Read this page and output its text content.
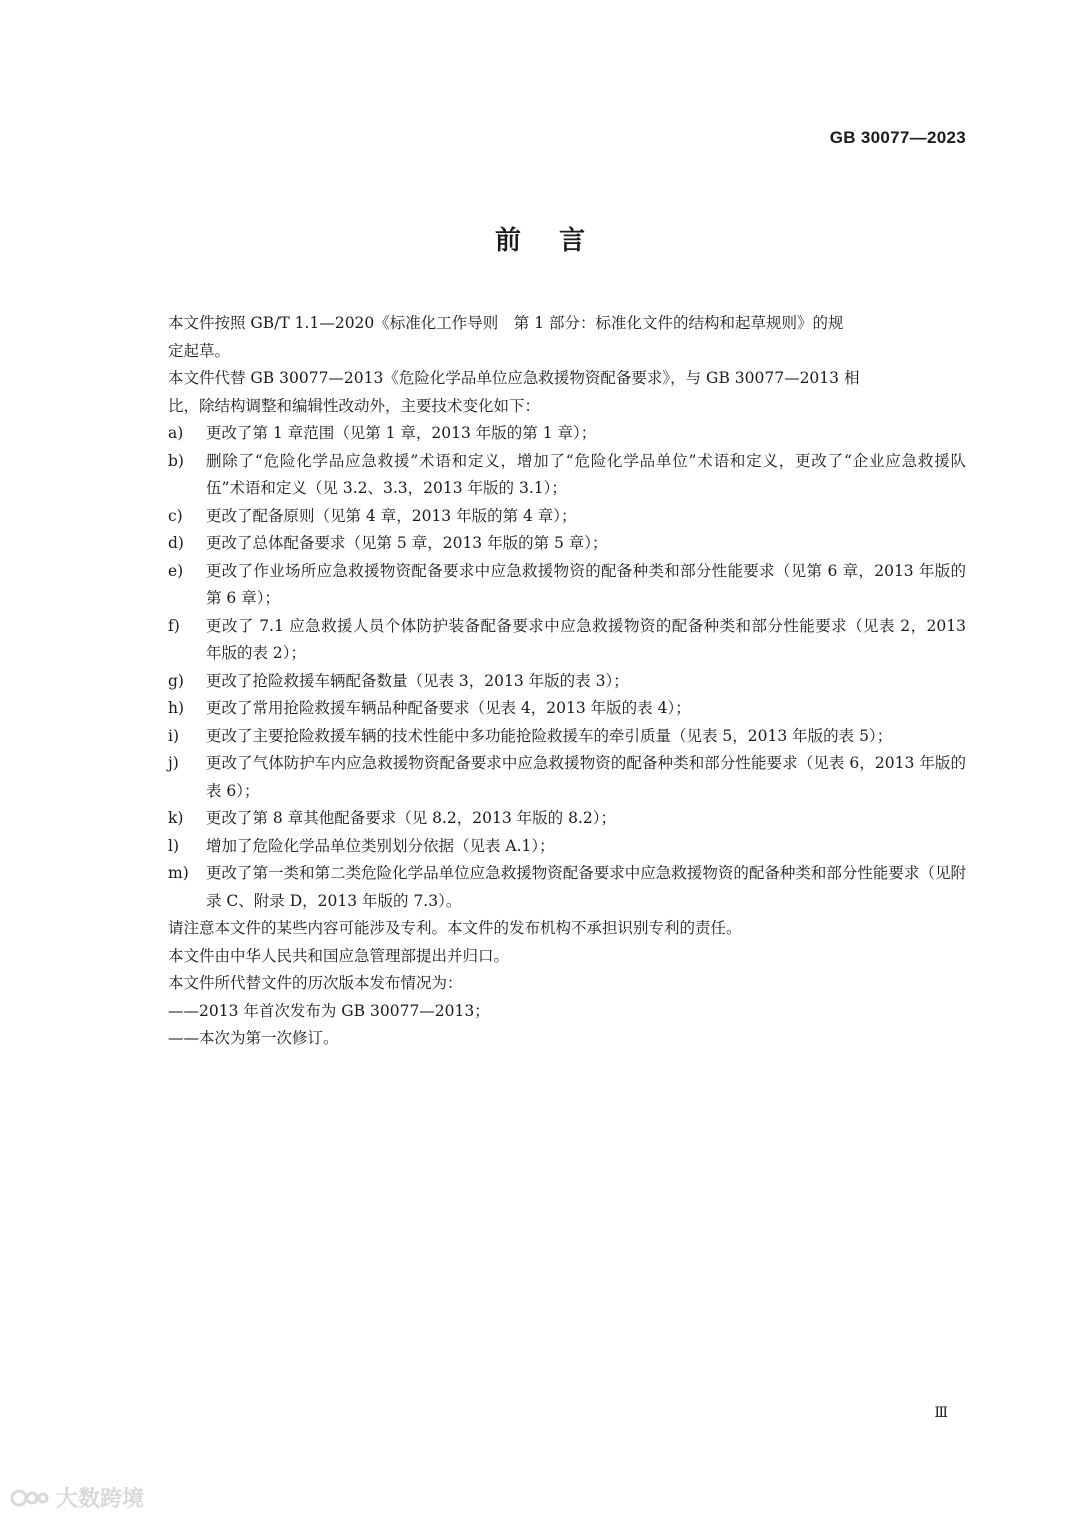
GB 30077—2023
前言

本文件按照 GB/T 1.1—2020《标准化工作导则　第 1 部分：标准化文件的结构和起草规则》的规

定起草。

本文件代替 GB 30077—2013《危险化学品单位应急救援物资配备要求》，与 GB 30077—2013 相

比，除结构调整和编辑性改动外，主要技术变化如下：

a)	更改了第 1 章范围（见第 1 章，2013 年版的第 1 章）；
b)	删除了“危险化学品应急救援”术语和定义，增加了“危险化学品单位”术语和定义，更改了“企业应急救援队伍”术语和定义（见 3.2、3.3，2013 年版的 3.1）；
c)	更改了配备原则（见第 4 章，2013 年版的第 4 章）；
d)	更改了总体配备要求（见第 5 章，2013 年版的第 5 章）；
e)	更改了作业场所应急救援物资配备要求中应急救援物资的配备种类和部分性能要求（见第 6 章，2013 年版的第 6 章）；
f)	更改了 7.1 应急救援人员个体防护装备配备要求中应急救援物资的配备种类和部分性能要求（见表 2，2013 年版的表 2）；
g)	更改了抢险救援车辆配备数量（见表 3，2013 年版的表 3）；
h)	更改了常用抢险救援车辆品种配备要求（见表 4，2013 年版的表 4）；
i)	更改了主要抢险救援车辆的技术性能中多功能抢险救援车的牵引质量（见表 5，2013 年版的表 5）；
j)	更改了气体防护车内应急救援物资配备要求中应急救援物资的配备种类和部分性能要求（见表 6，2013 年版的表 6）；
k)	更改了第 8 章其他配备要求（见 8.2，2013 年版的 8.2）；
l)	增加了危险化学品单位类别划分依据（见表 A.1）；
m)	更改了第一类和第二类危险化学品单位应急救援物资配备要求中应急救援物资的配备种类和部分性能要求（见附录 C、附录 D，2013 年版的 7.3）。

请注意本文件的某些内容可能涉及专利。本文件的发布机构不承担识别专利的责任。

本文件由中华人民共和国应急管理部提出并归口。

本文件所代替文件的历次版本发布情况为：

——2013 年首次发布为 GB 30077—2013；

——本次为第一次修订。

Ⅲ
大数跨境
